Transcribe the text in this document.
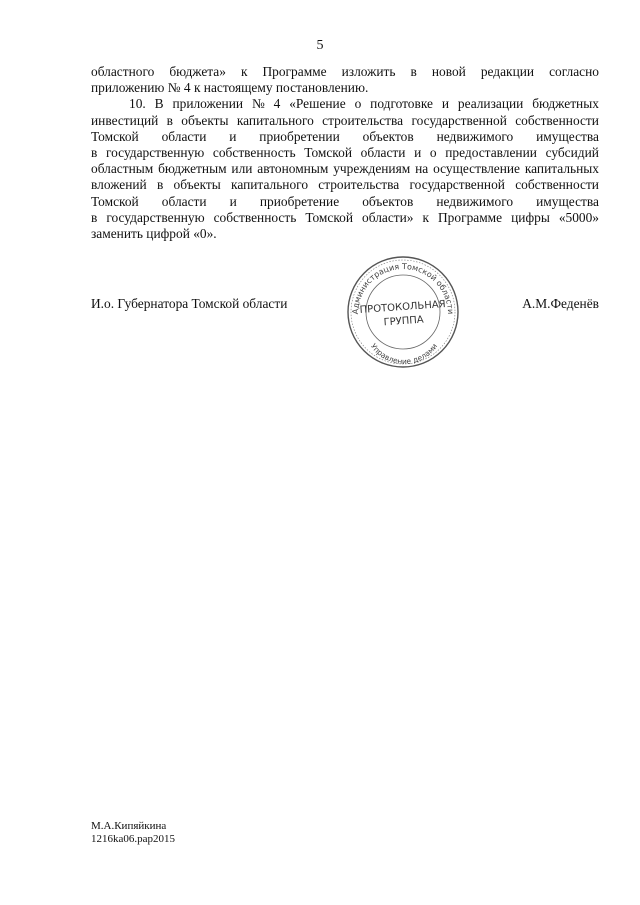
5
областного бюджета» к Программе изложить в новой редакции согласно
приложению № 4 к настоящему постановлению.
10. В приложении № 4 «Решение о подготовке и реализации бюджетных
инвестиций в объекты капитального строительства государственной собственности
Томской области и приобретении объектов недвижимого имущества
в государственную собственность Томской области и о предоставлении субсидий
областным бюджетным или автономным учреждениям на осуществление капитальных
вложений в объекты капитального строительства государственной собственности
Томской области и приобретение объектов недвижимого имущества
в государственную собственность Томской области» к Программе цифры «5000»
заменить цифрой «0».
И.о. Губернатора Томской области	А.М.Феденёв
Администрация Томской области
Управление делами
ПРОТОКОЛЬНАЯ
ГРУППА
М.А.Кипяйкина
1216ka06.pap2015
